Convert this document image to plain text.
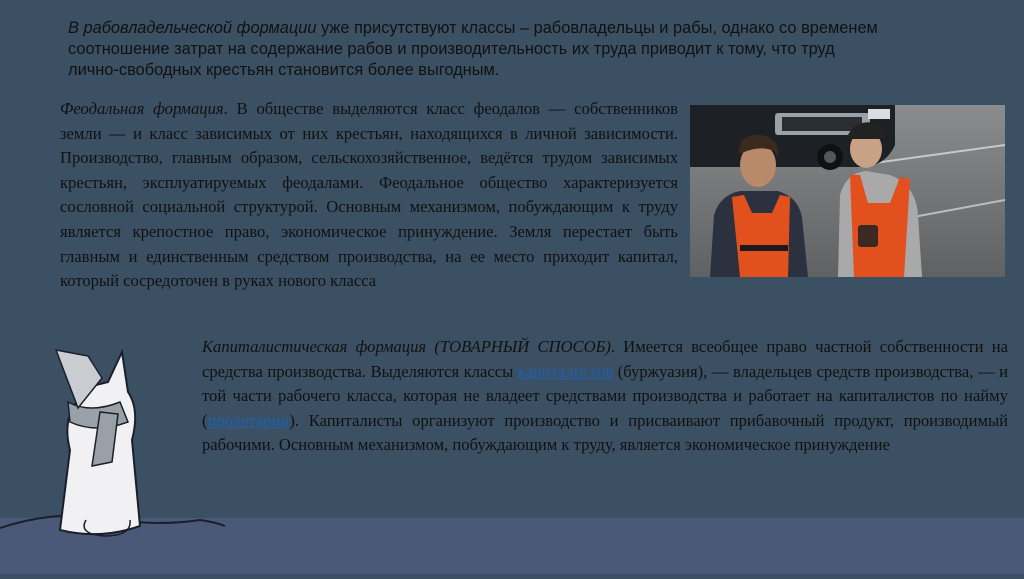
В рабовладельческой формации уже присутствуют классы – рабовладельцы и рабы, однако со временем соотношение затрат на содержание рабов и производительность их труда приводит к тому, что труд лично-свободных крестьян становится более выгодным.
Феодальная формация. В обществе выделяются класс феодалов — собственников земли — и класс зависимых от них крестьян, находящихся в личной зависимости. Производство, главным образом, сельскохозяйственное, ведётся трудом зависимых крестьян, эксплуатируемых феодалами. Феодальное общество характеризуется сословной социальной структурой. Основным механизмом, побуждающим к труду является крепостное право, экономическое принуждение. Земля перестает быть главным и единственным средством производства, на ее место приходит капитал, который сосредоточен в руках нового класса
Капиталистическая формация (ТОВАРНЫЙ СПОСОБ). Имеется всеобщее право частной собственности на средства производства. Выделяются классы капиталистов (буржуазия), — владельцев средств производства, — и той части рабочего класса, которая не владеет средствами производства и работает на капиталистов по найму (пролетарии). Капиталисты организуют производство и присваивают прибавочный продукт, производимый рабочими. Основным механизмом, побуждающим к труду, является экономическое принуждение
